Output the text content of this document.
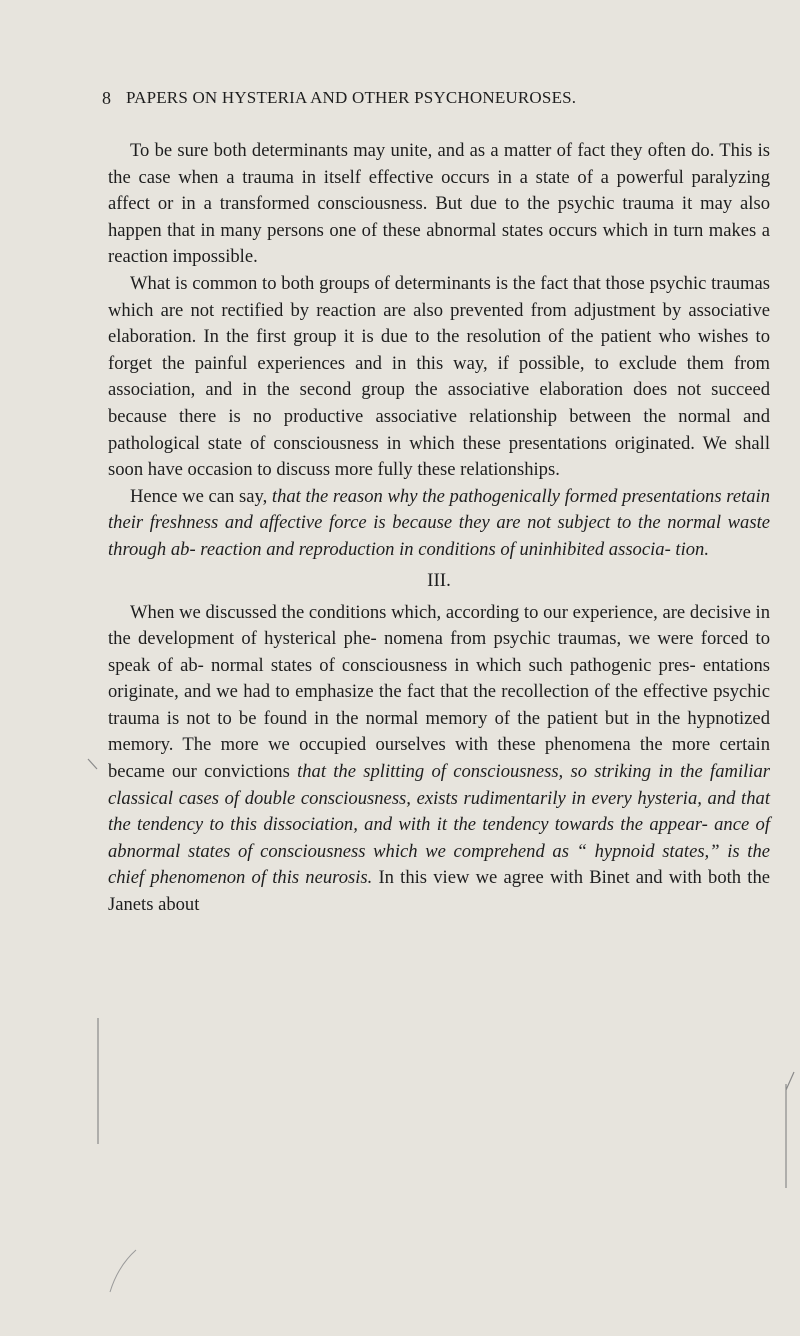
8 PAPERS ON HYSTERIA AND OTHER PSYCHONEUROSES.

To be sure both determinants may unite, and as a matter of fact they often do. This is the case when a trauma in itself effective occurs in a state of a powerful paralyzing affect or in a transformed consciousness. But due to the psychic trauma it may also happen that in many persons one of these abnormal states occurs which in turn makes a reaction impossible.

What is common to both groups of determinants is the fact that those psychic traumas which are not rectified by reaction are also prevented from adjustment by associative elaboration. In the first group it is due to the resolution of the patient who wishes to forget the painful experiences and in this way, if possible, to exclude them from association, and in the second group the associative elaboration does not succeed because there is no productive associative relationship between the normal and pathological state of consciousness in which these presentations originated. We shall soon have occasion to discuss more fully these relationships.

Hence we can say, that the reason why the pathogenically formed presentations retain their freshness and affective force is because they are not subject to the normal waste through ab- reaction and reproduction in conditions of uninhibited associa- tion.

III.

When we discussed the conditions which, according to our experience, are decisive in the development of hysterical phe- nomena from psychic traumas, we were forced to speak of ab- normal states of consciousness in which such pathogenic pres- entations originate, and we had to emphasize the fact that the recollection of the effective psychic trauma is not to be found in the normal memory of the patient but in the hypnotized memory. The more we occupied ourselves with these phenomena the more certain became our convictions that the splitting of consciousness, so striking in the familiar classical cases of double consciousness, exists rudimentarily in every hysteria, and that the tendency to this dissociation, and with it the tendency towards the appear- ance of abnormal states of consciousness which we comprehend as “ hypnoid states,” is the chief phenomenon of this neurosis. In this view we agree with Binet and with both the Janets about
